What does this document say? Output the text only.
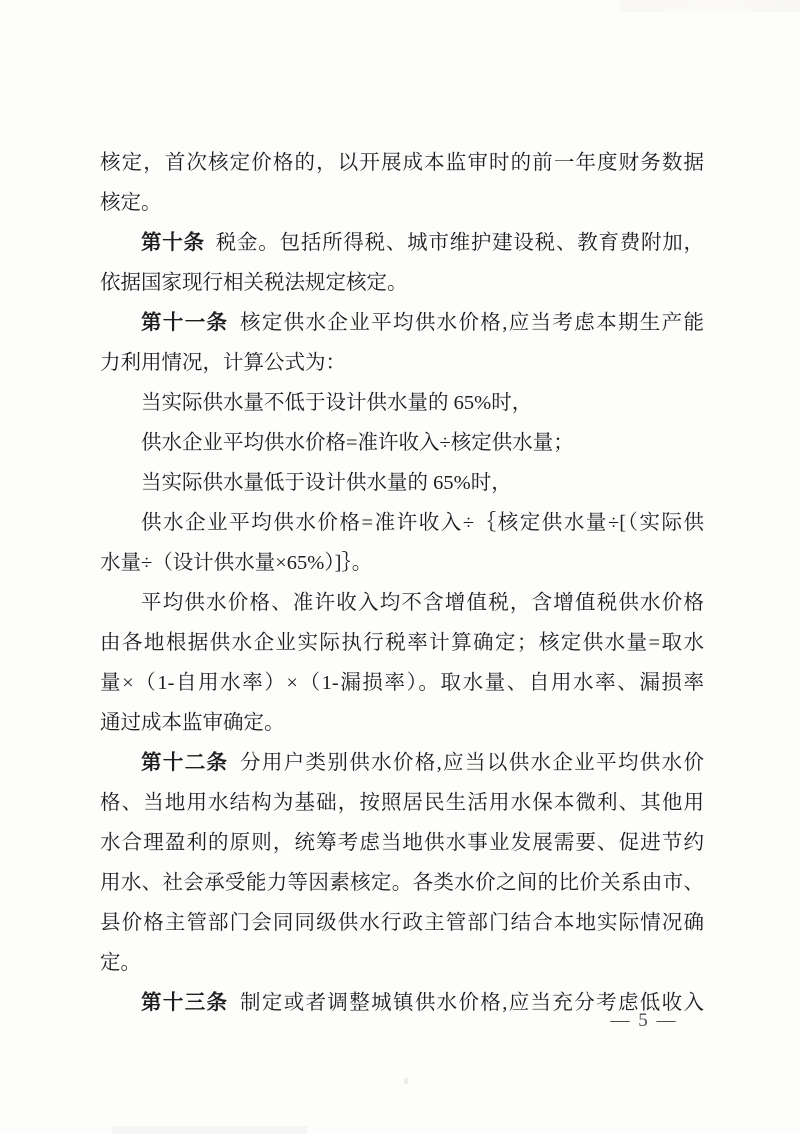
核定，首次核定价格的，以开展成本监审时的前一年度财务数据
核定。
第十条 税金。包括所得税、城市维护建设税、教育费附加，
依据国家现行相关税法规定核定。
第十一条 核定供水企业平均供水价格,应当考虑本期生产能
力利用情况，计算公式为：
当实际供水量不低于设计供水量的 65%时，
供水企业平均供水价格=准许收入÷核定供水量；
当实际供水量低于设计供水量的 65%时，
供水企业平均供水价格=准许收入÷｛核定供水量÷[（实际供
水量÷（设计供水量×65%）]｝。
平均供水价格、准许收入均不含增值税，含增值税供水价格
由各地根据供水企业实际执行税率计算确定；核定供水量=取水
量×（1-自用水率）×（1-漏损率）。取水量、自用水率、漏损率
通过成本监审确定。
第十二条 分用户类别供水价格,应当以供水企业平均供水价
格、当地用水结构为基础，按照居民生活用水保本微利、其他用
水合理盈利的原则，统筹考虑当地供水事业发展需要、促进节约
用水、社会承受能力等因素核定。各类水价之间的比价关系由市、
县价格主管部门会同同级供水行政主管部门结合本地实际情况确
定。
第十三条 制定或者调整城镇供水价格,应当充分考虑低收入
— 5 —
